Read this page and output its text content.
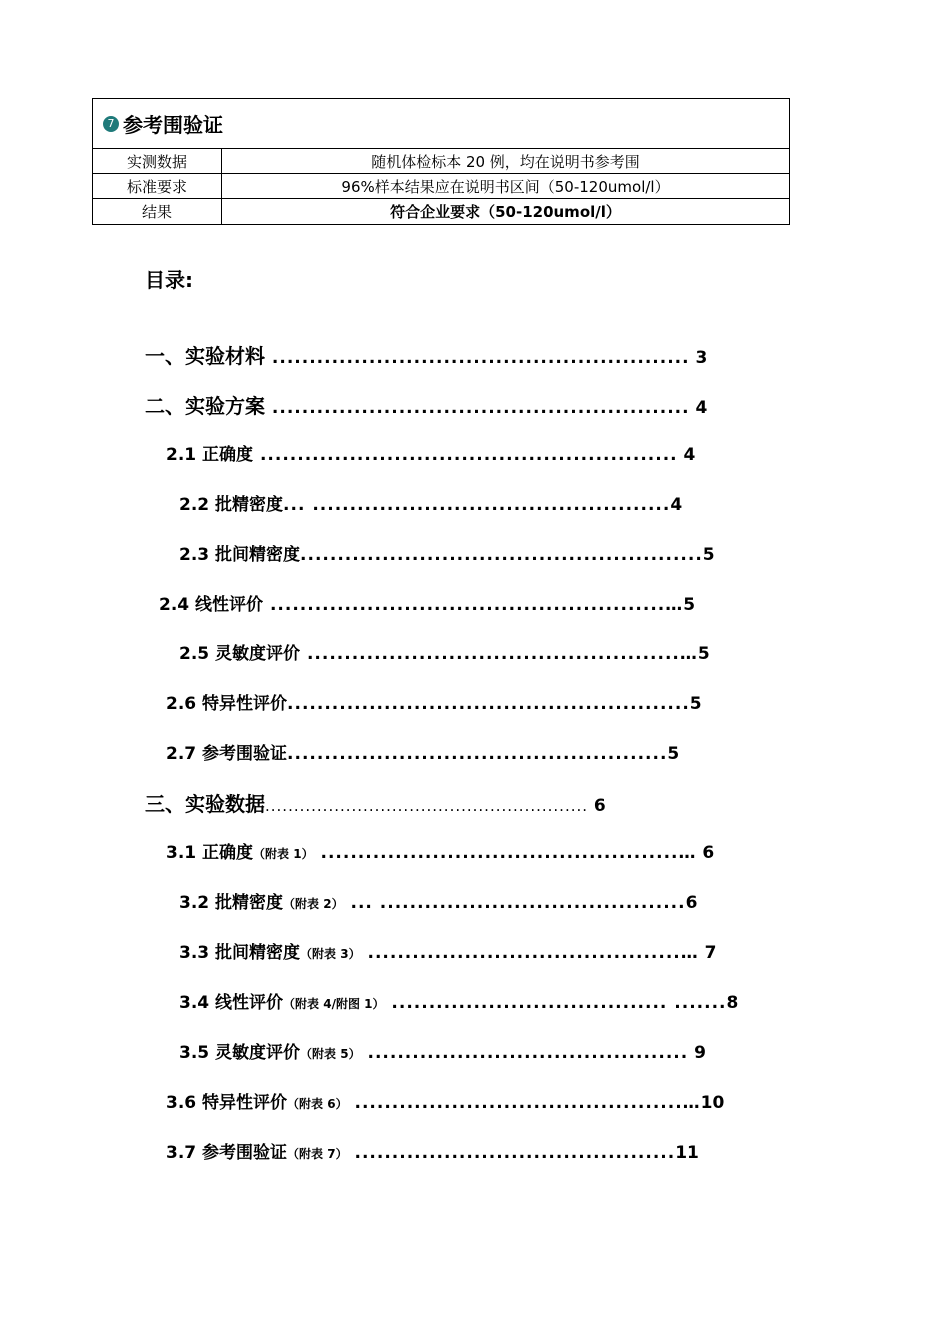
7 参考围验证
实测数据	随机体检标本 20 例，均在说明书参考围
标准要求	96%样本结果应在说明书区间（50-120umol/l）
结果	符合企业要求（50-120umol/l）
目录:
一、实验材料 ........................................................ 3
二、实验方案 ........................................................ 4
2.1 正确度 ........................................................ 4
2.2 批精密度... ................................................4
2.3 批间精密度......................................................5
2.4 线性评价 .....................................................…5
2.5 灵敏度评价 ..................................................…5
2.6 特异性评价......................................................5
2.7 参考围验证...................................................5
三、实验数据........................................................ 6
3.1 正确度（附表 1） ................................................… 6
3.2 批精密度（附表 2） ... .........................................6
3.3 批间精密度（附表 3） ..........................................… 7
3.4 线性评价（附表 4/附图 1） ..................................... .......8
3.5 灵敏度评价（附表 5） ........................................... 9
3.6 特异性评价（附表 6） ............................................…10
3.7 参考围验证（附表 7） ...........................................11
